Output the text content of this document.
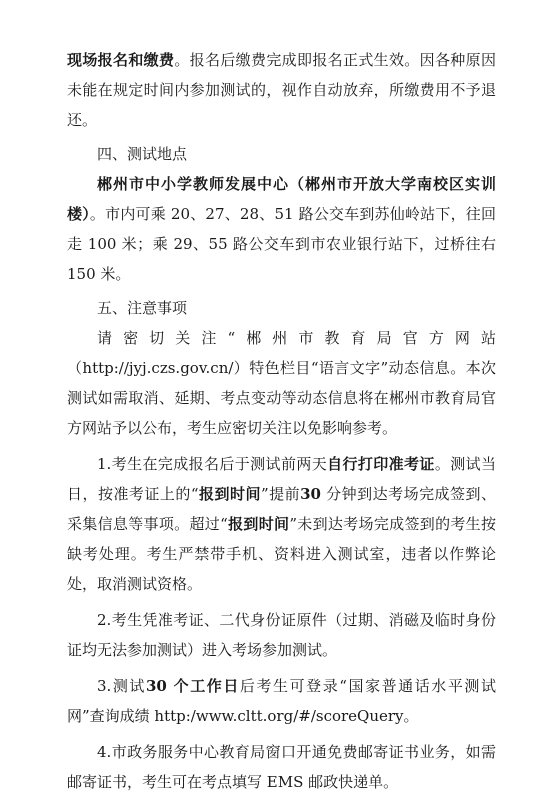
现场报名和缴费。报名后缴费完成即报名正式生效。因各种原因未能在规定时间内参加测试的，视作自动放弃，所缴费用不予退还。

四、测试地点

郴州市中小学教师发展中心（郴州市开放大学南校区实训楼）。市内可乘 20、27、28、51 路公交车到苏仙岭站下，往回走 100 米；乘 29、55 路公交车到市农业银行站下，过桥往右 150 米。

五、注意事项

请密切关注“郴州市教育局官方网站（http://jyj.czs.gov.cn/）特色栏目“语言文字”动态信息。本次测试如需取消、延期、考点变动等动态信息将在郴州市教育局官方网站予以公布，考生应密切关注以免影响参考。

1.考生在完成报名后于测试前两天自行打印准考证。测试当日，按准考证上的“报到时间”提前30 分钟到达考场完成签到、采集信息等事项。超过“报到时间”未到达考场完成签到的考生按缺考处理。考生严禁带手机、资料进入测试室，违者以作弊论处，取消测试资格。

2.考生凭准考证、二代身份证原件（过期、消磁及临时身份证均无法参加测试）进入考场参加测试。

3.测试30 个工作日后考生可登录“国家普通话水平测试网”查询成绩 http:/www.cltt.org/#/scoreQuery。

4.市政务服务中心教育局窗口开通免费邮寄证书业务，如需邮寄证书，考生可在考点填写 EMS 邮政快递单。
